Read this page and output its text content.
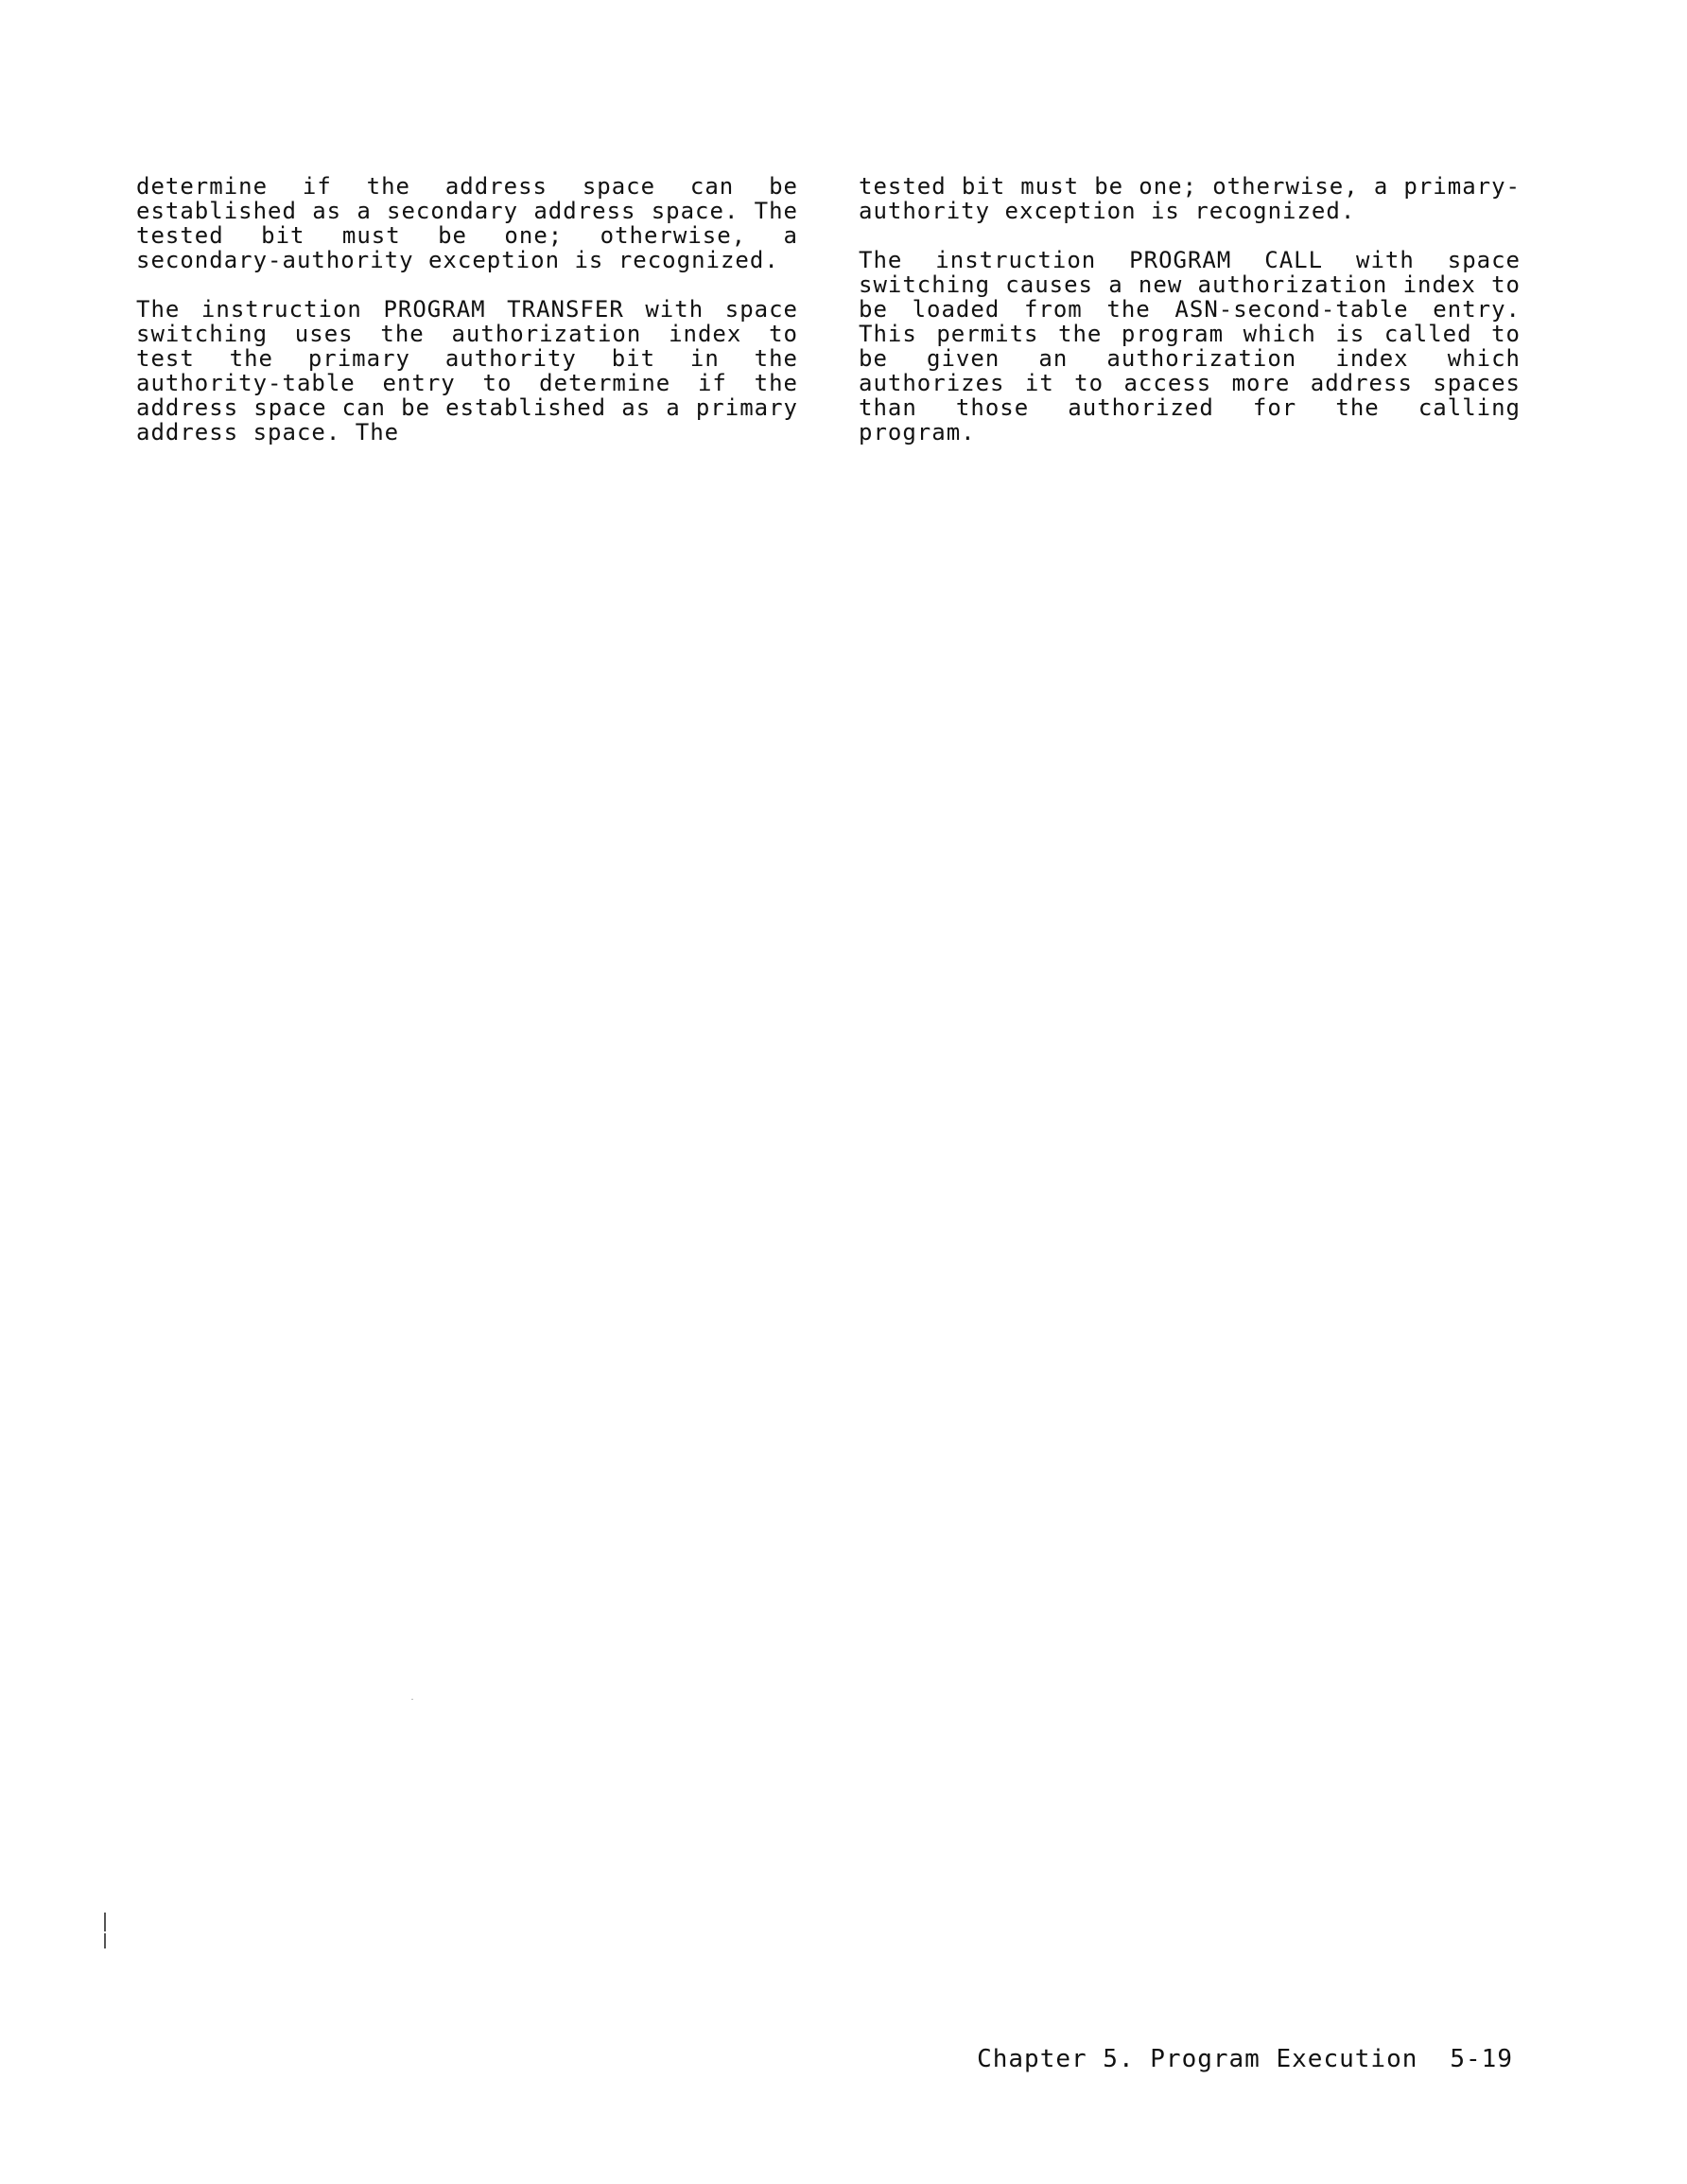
determine if the address space can be established as a secondary address space. The tested bit must be one; otherwise, a secondary-authority exception is recognized.

The instruction PROGRAM TRANSFER with space switching uses the authorization index to test the primary authority bit in the authority-table entry to determine if the address space can be established as a primary address space. The

tested bit must be one; otherwise, a primary-authority exception is recognized.

The instruction PROGRAM CALL with space switching causes a new authorization index to be loaded from the ASN-second-table entry. This permits the program which is called to be given an authorization index which authorizes it to access more address spaces than those authorized for the calling program.

Chapter 5. Program Execution 5-19
